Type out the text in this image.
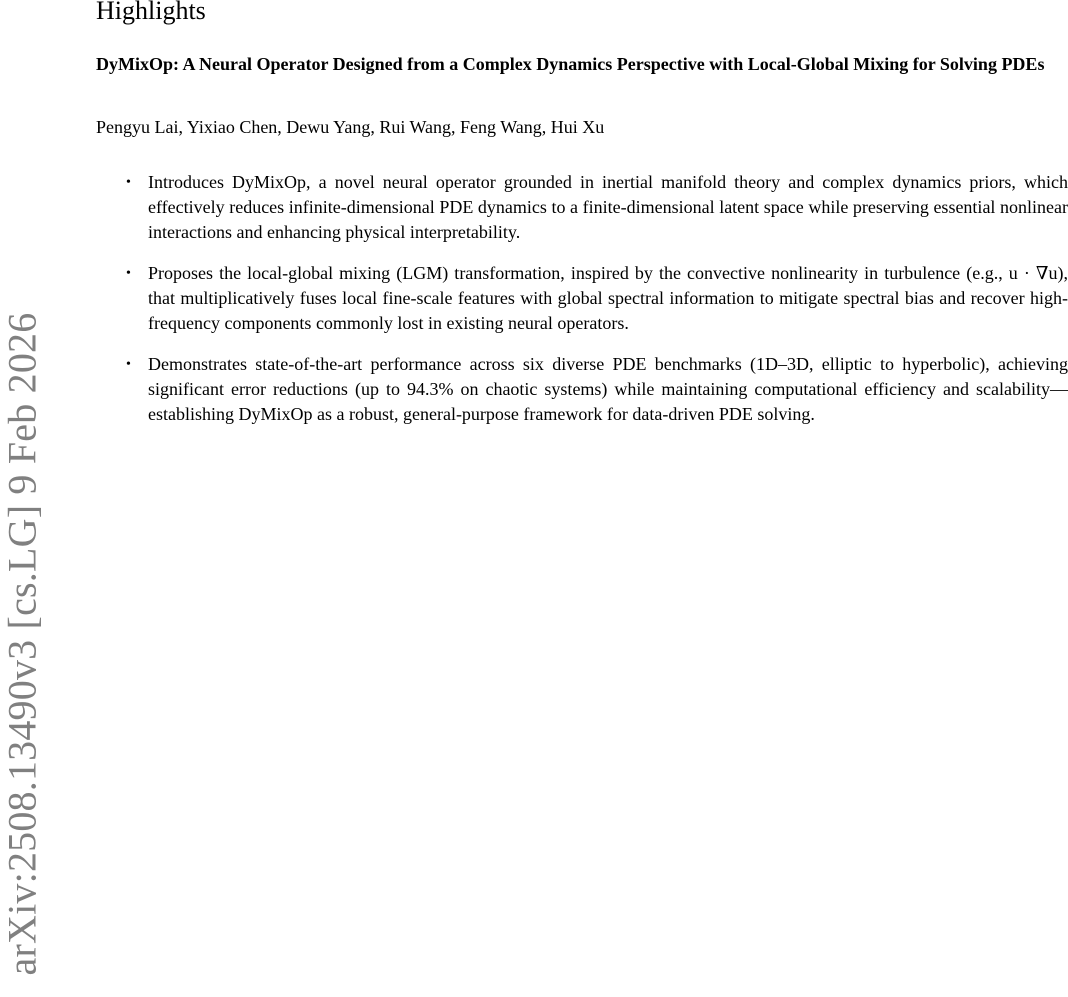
arXiv:2508.13490v3 [cs.LG] 9 Feb 2026
Highlights
DyMixOp: A Neural Operator Designed from a Complex Dynamics Perspective with Local-Global Mixing for Solving PDEs

Pengyu Lai, Yixiao Chen, Dewu Yang, Rui Wang, Feng Wang, Hui Xu

• Introduces DyMixOp, a novel neural operator grounded in inertial manifold theory and complex dynamics priors, which effectively reduces infinite-dimensional PDE dynamics to a finite-dimensional latent space while preserving essential nonlinear interactions and enhancing physical interpretability.
• Proposes the local-global mixing (LGM) transformation, inspired by the convective nonlinearity in turbulence (e.g., u · ∇u), that multiplicatively fuses local fine-scale features with global spectral information to mitigate spectral bias and recover high-frequency components commonly lost in existing neural operators.
• Demonstrates state-of-the-art performance across six diverse PDE benchmarks (1D–3D, elliptic to hyperbolic), achieving significant error reductions (up to 94.3% on chaotic systems) while maintaining computational efficiency and scalability—establishing DyMixOp as a robust, general-purpose framework for data-driven PDE solving.
